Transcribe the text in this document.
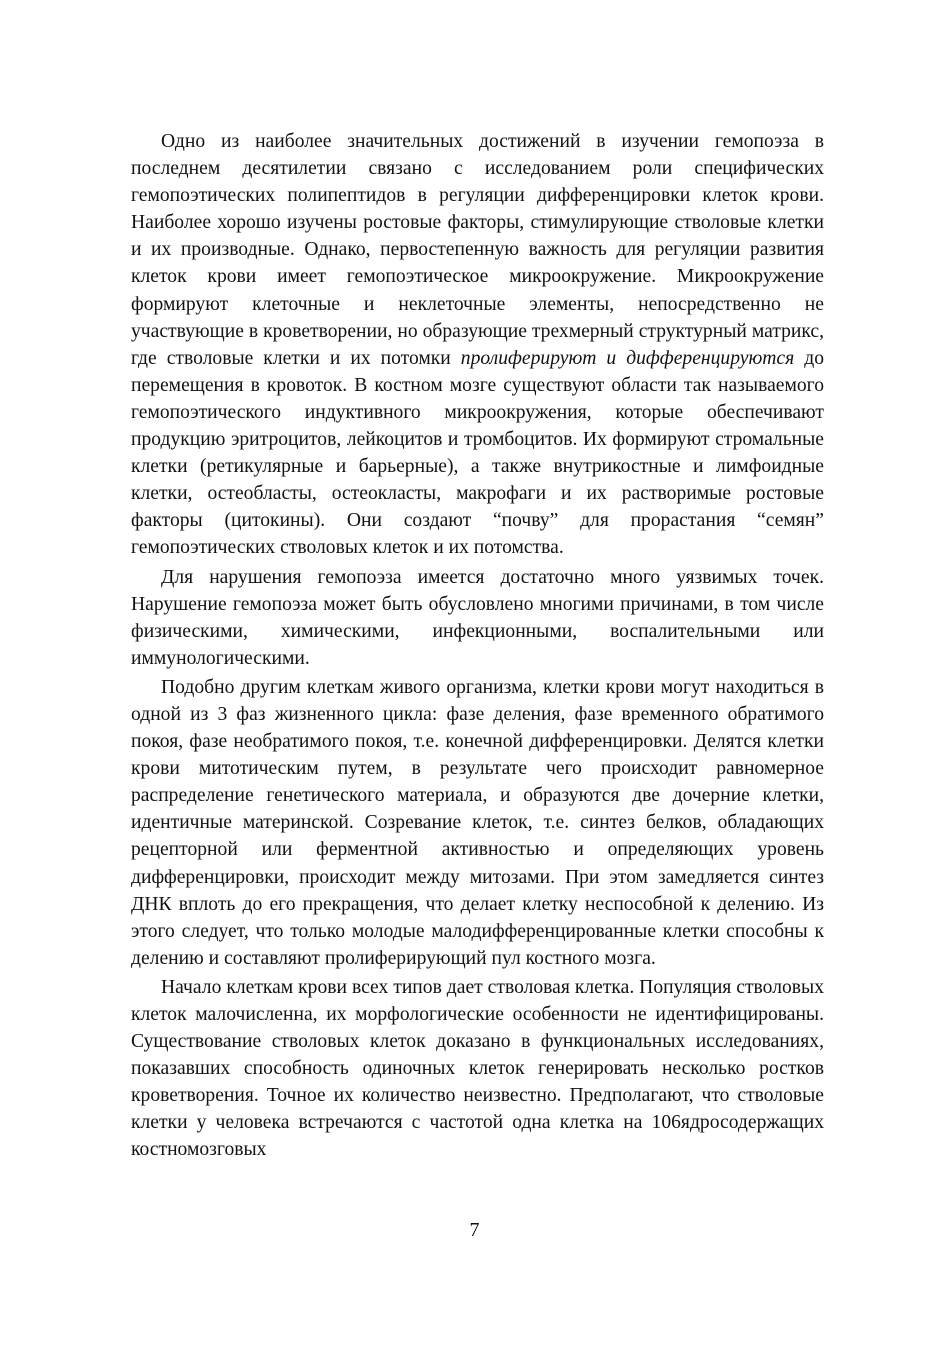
Одно из наиболее значительных достижений в изучении гемопоэза в последнем десятилетии связано с исследованием роли специфических гемопоэтических полипептидов в регуляции дифференцировки клеток крови. Наиболее хорошо изучены ростовые факторы, стимулирующие стволовые клетки и их производные. Однако, первостепенную важность для регуляции развития клеток крови имеет гемопоэтическое микроокружение. Микроокружение формируют клеточные и неклеточные элементы, непосредственно не участвующие в кроветворении, но образующие трехмерный структурный матрикс, где стволовые клетки и их потомки пролиферируют и дифференцируются до перемещения в кровоток. В костном мозге существуют области так называемого гемопоэтического индуктивного микроокружения, которые обеспечивают продукцию эритроцитов, лейкоцитов и тромбоцитов. Их формируют стромальные клетки (ретикулярные и барьерные), а также внутрикостные и лимфоидные клетки, остеобласты, остеокласты, макрофаги и их растворимые ростовые факторы (цитокины). Они создают “почву” для прорастания “семян” гемопоэтических стволовых клеток и их потомства.

Для нарушения гемопоэза имеется достаточно много уязвимых точек. Нарушение гемопоэза может быть обусловлено многими причинами, в том числе физическими, химическими, инфекционными, воспалительными или иммунологическими.

Подобно другим клеткам живого организма, клетки крови могут находиться в одной из 3 фаз жизненного цикла: фазе деления, фазе временного обратимого покоя, фазе необратимого покоя, т.е. конечной дифференцировки. Делятся клетки крови митотическим путем, в результате чего происходит равномерное распределение генетического материала, и образуются две дочерние клетки, идентичные материнской. Созревание клеток, т.е. синтез белков, обладающих рецепторной или ферментной активностью и определяющих уровень дифференцировки, происходит между митозами. При этом замедляется синтез ДНК вплоть до его прекращения, что делает клетку неспособной к делению. Из этого следует, что только молодые малодифференцированные клетки способны к делению и составляют пролиферирующий пул костного мозга.

Начало клеткам крови всех типов дает стволовая клетка. Популяция стволовых клеток малочисленна, их морфологические особенности не идентифицированы. Существование стволовых клеток доказано в функциональных исследованиях, показавших способность одиночных клеток генерировать несколько ростков кроветворения. Точное их количество неизвестно. Предполагают, что стволовые клетки у человека встречаются с частотой одна клетка на 106ядросодержащих костномозговых

7
